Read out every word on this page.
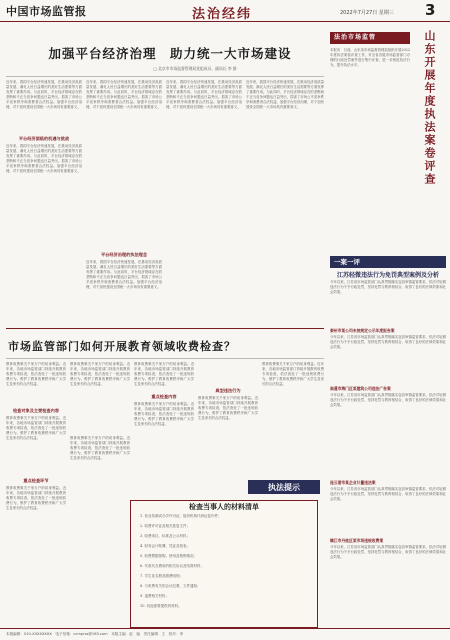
中国市场监管报	法治经纬	2022年7月27日 星期三 3
加强平台经济治理　助力统一大市场建设
□ 北京市市场监督管理局党组成员、副局长 李 群
近年来，我国平台经济快速发展，在推动经济高质量发展、满足人民日益增长的美好生活需要等方面发挥了重要作用。与此同时，平台经济领域存在的垄断和不正当竞争问题也日益突出，损害了市场公平竞争秩序和消费者合法权益。加强平台经济治理，对于加快建设全国统一大市场具有重要意义。
平台经济面临的机遇与挑战
近年来，我国平台经济快速发展，在推动经济高质量发展、满足人民日益增长的美好生活需要等方面发挥了重要作用。与此同时，平台经济领域存在的垄断和不正当竞争问题也日益突出，损害了市场公平竞争秩序和消费者合法权益。加强平台经济治理，对于加快建设全国统一大市场具有重要意义。
近年来，我国平台经济快速发展，在推动经济高质量发展、满足人民日益增长的美好生活需要等方面发挥了重要作用。与此同时，平台经济领域存在的垄断和不正当竞争问题也日益突出，损害了市场公平竞争秩序和消费者合法权益。加强平台经济治理，对于加快建设全国统一大市场具有重要意义。
平台经济治理的执法理念
近年来，我国平台经济快速发展，在推动经济高质量发展、满足人民日益增长的美好生活需要等方面发挥了重要作用。与此同时，平台经济领域存在的垄断和不正当竞争问题也日益突出，损害了市场公平竞争秩序和消费者合法权益。加强平台经济治理，对于加快建设全国统一大市场具有重要意义。
近年来，我国平台经济快速发展，在推动经济高质量发展、满足人民日益增长的美好生活需要等方面发挥了重要作用。与此同时，平台经济领域存在的垄断和不正当竞争问题也日益突出，损害了市场公平竞争秩序和消费者合法权益。加强平台经济治理，对于加快建设全国统一大市场具有重要意义。
近年来，我国平台经济快速发展，在推动经济高质量发展、满足人民日益增长的美好生活需要等方面发挥了重要作用。与此同时，平台经济领域存在的垄断和不正当竞争问题也日益突出，损害了市场公平竞争秩序和消费者合法权益。加强平台经济治理，对于加快建设全国统一大市场具有重要意义。
法治市场监管	山东开展年度执法案卷评查
本报讯　日前，山东省市场监督管理局组织开展2022年度执法案卷评查工作，对全省各级市场监管部门办理的行政处罚案件进行集中评查，进一步规范执法行为，提升执法水平。
一案一评
江苏轻微违法行为免罚典型案例及分析
今年以来，江苏省市场监管部门认真贯彻落实包容审慎监管要求，依法对轻微违法行为不予行政处罚，坚持处罚与教育相结合，取得了良好的法律效果和社会效果。
泰州市某公司未按规定公示年度报告案
今年以来，江苏省市场监管部门认真贯彻落实包容审慎监管要求，依法对轻微违法行为不予行政处罚，坚持处罚与教育相结合，取得了良好的法律效果和社会效果。
南通市海门区某建筑公司违法广告案
今年以来，江苏省市场监管部门认真贯彻落实包容审慎监管要求，依法对轻微违法行为不予行政处罚，坚持处罚与教育相结合，取得了良好的法律效果和社会效果。
连云港市某企业计量违法案
今年以来，江苏省市场监管部门认真贯彻落实包容审慎监管要求，依法对轻微违法行为不予行政处罚，坚持处罚与教育相结合，取得了良好的法律效果和社会效果。
镇江市丹徒区某市场违规收费案
今年以来，江苏省市场监管部门认真贯彻落实包容审慎监管要求，依法对轻微违法行为不予行政处罚，坚持处罚与教育相结合，取得了良好的法律效果和社会效果。
市场监管部门如何开展教育领域收费检查？
教育收费事关千家万户的切身利益。近年来，各地市场监管部门持续开展教育收费专项检查，依法查处了一批违规收费行为，维护了教育收费秩序和广大学生及家长的合法权益。
检查对象及主要检查内容
教育收费事关千家万户的切身利益。近年来，各地市场监管部门持续开展教育收费专项检查，依法查处了一批违规收费行为，维护了教育收费秩序和广大学生及家长的合法权益。
重点检查环节
教育收费事关千家万户的切身利益。近年来，各地市场监管部门持续开展教育收费专项检查，依法查处了一批违规收费行为，维护了教育收费秩序和广大学生及家长的合法权益。
教育收费事关千家万户的切身利益。近年来，各地市场监管部门持续开展教育收费专项检查，依法查处了一批违规收费行为，维护了教育收费秩序和广大学生及家长的合法权益。
教育收费事关千家万户的切身利益。近年来，各地市场监管部门持续开展教育收费专项检查，依法查处了一批违规收费行为，维护了教育收费秩序和广大学生及家长的合法权益。
教育收费事关千家万户的切身利益。近年来，各地市场监管部门持续开展教育收费专项检查，依法查处了一批违规收费行为，维护了教育收费秩序和广大学生及家长的合法权益。
重点检查内容
教育收费事关千家万户的切身利益。近年来，各地市场监管部门持续开展教育收费专项检查，依法查处了一批违规收费行为，维护了教育收费秩序和广大学生及家长的合法权益。
典型违法行为
教育收费事关千家万户的切身利益。近年来，各地市场监管部门持续开展教育收费专项检查，依法查处了一批违规收费行为，维护了教育收费秩序和广大学生及家长的合法权益。
教育收费事关千家万户的切身利益。近年来，各地市场监管部门持续开展教育收费专项检查，依法查处了一批违规收费行为，维护了教育收费秩序和广大学生及家长的合法权益。
执法提示
检查当事人的材料清单
1. 营业执照或办学许可证、组织机构代码证复印件；
2. 收费许可证及相关批复文件；
3. 收费项目、标准及公示材料；
4. 财务会计账簿、凭证及报表；
5. 收费票据领购、使用及核销情况；
6. 代收代办费用的相关协议及结算材料；
7. 学生花名册及缴费明细；
8. 与收费有关的会议纪要、文件通知；
9. 退费相关材料；
10. 其他需要提供的材料。
本版编辑：010-XXXXXXXX　电子信箱：ccmprss@163.com　本版主编：赵　编　责任编辑：王　校对：李
